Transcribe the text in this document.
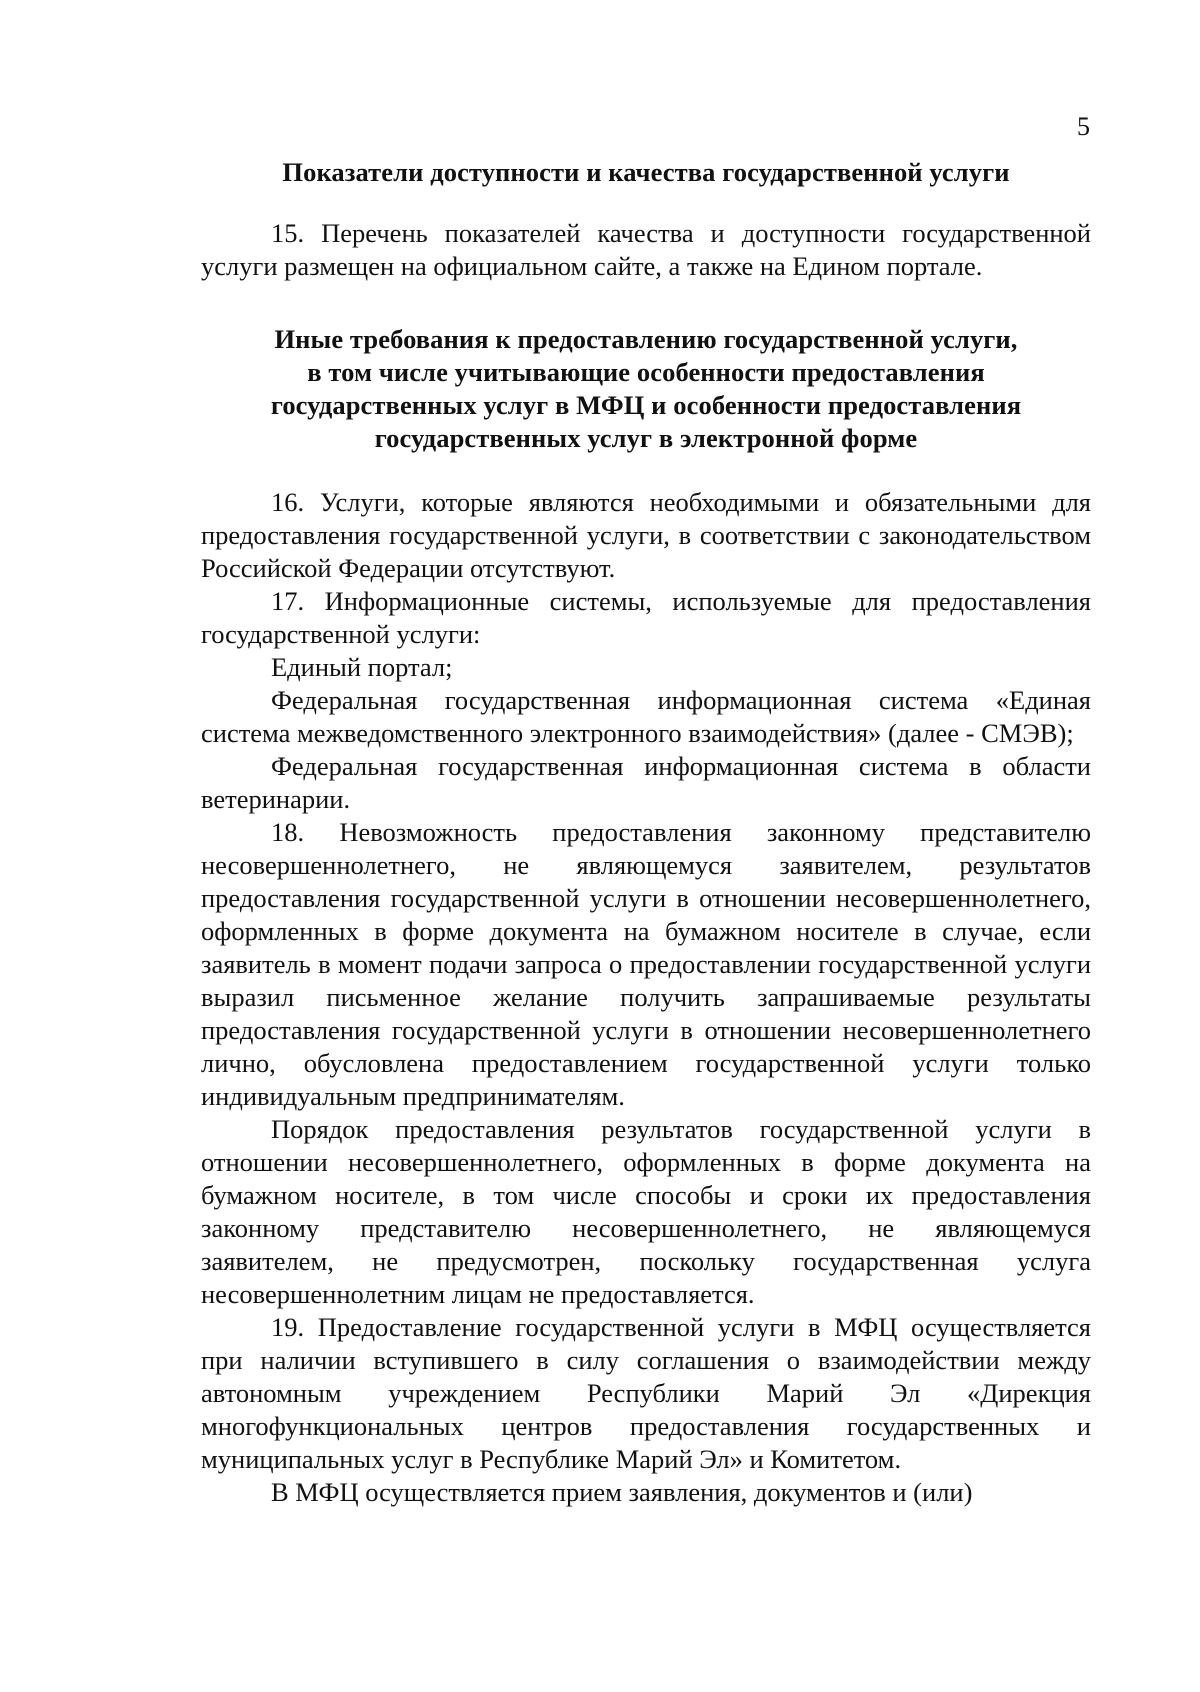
5
Показатели доступности и качества государственной услуги

15. Перечень показателей качества и доступности государственной услуги размещен на официальном сайте, а также на Едином портале.

Иные требования к предоставлению государственной услуги,
в том числе учитывающие особенности предоставления
государственных услуг в МФЦ и особенности предоставления
государственных услуг в электронной форме

16. Услуги, которые являются необходимыми и обязательными для предоставления государственной услуги, в соответствии с законодательством Российской Федерации отсутствуют.

17. Информационные системы, используемые для предоставления государственной услуги:

Единый портал;

Федеральная государственная информационная система «Единая система межведомственного электронного взаимодействия» (далее - СМЭВ);

Федеральная государственная информационная система в области ветеринарии.

18. Невозможность предоставления законному представителю несовершеннолетнего, не являющемуся заявителем, результатов предоставления государственной услуги в отношении несовершеннолетнего, оформленных в форме документа на бумажном носителе в случае, если заявитель в момент подачи запроса о предоставлении государственной услуги выразил письменное желание получить запрашиваемые результаты предоставления государственной услуги в отношении несовершеннолетнего лично, обусловлена предоставлением государственной услуги только индивидуальным предпринимателям.

Порядок предоставления результатов государственной услуги в отношении несовершеннолетнего, оформленных в форме документа на бумажном носителе, в том числе способы и сроки их предоставления законному представителю несовершеннолетнего, не являющемуся заявителем, не предусмотрен, поскольку государственная услуга несовершеннолетним лицам не предоставляется.

19. Предоставление государственной услуги в МФЦ осуществляется при наличии вступившего в силу соглашения о взаимодействии между автономным учреждением Республики Марий Эл «Дирекция многофункциональных центров предоставления государственных и муниципальных услуг в Республике Марий Эл» и Комитетом.

В МФЦ осуществляется прием заявления, документов и (или)
